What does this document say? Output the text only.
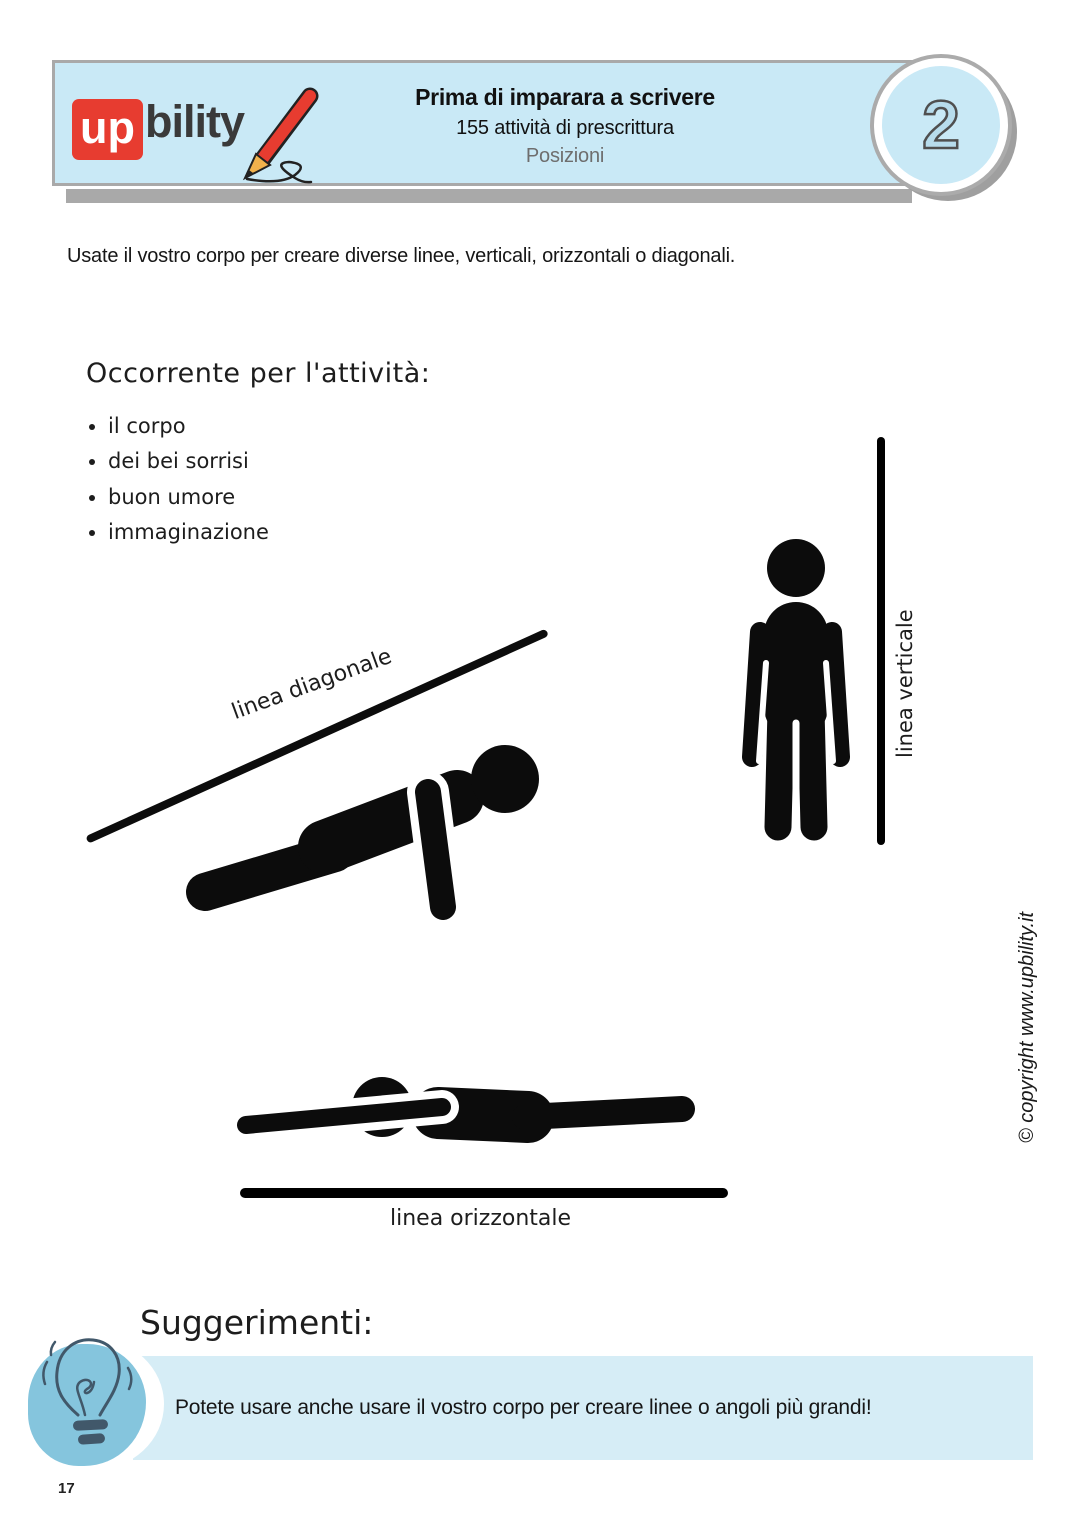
up bility	Prima di imparara a scrivere
155 attività di prescrittura
Posizioni	2
Usate il vostro corpo per creare diverse linee, verticali, orizzontali o diagonali.
Occorrente per l'attività:
• il corpo
• dei bei sorrisi
• buon umore
• immaginazione
linea diagonale	linea verticale
linea orizzontale
© copyright www.upbility.it
Suggerimenti:
Potete usare anche usare il vostro corpo per creare linee o angoli più grandi!
17
